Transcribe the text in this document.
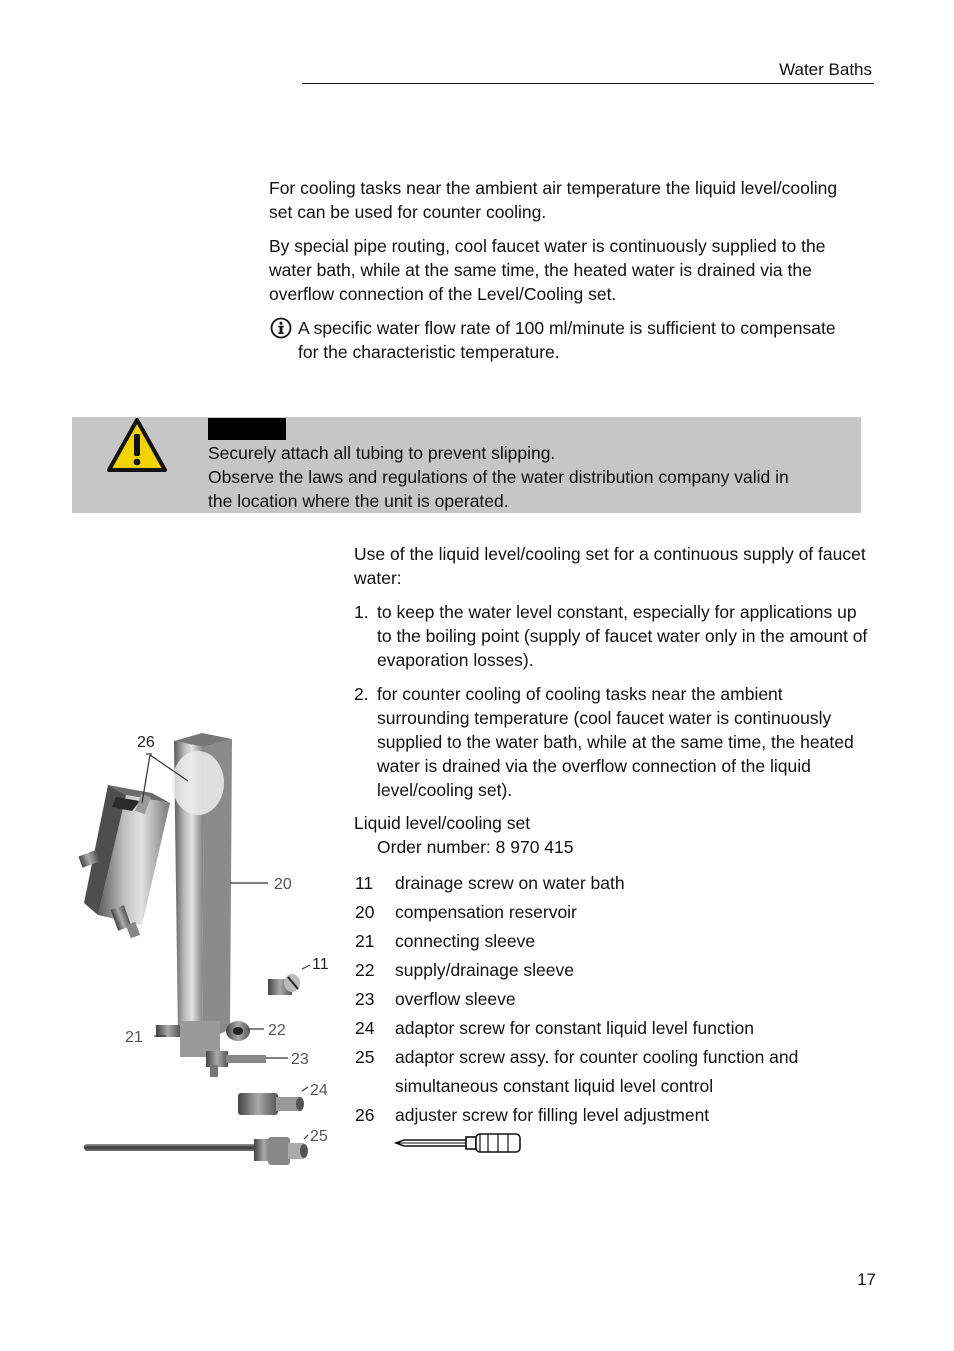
Water Baths

For cooling tasks near the ambient air temperature the liquid level/cooling set can be used for counter cooling.

By special pipe routing, cool faucet water is continuously supplied to the water bath, while at the same time, the heated water is drained via the overflow connection of the Level/Cooling set.

A specific water flow rate of 100 ml/minute is sufficient to compensate for the characteristic temperature.
Securely attach all tubing to prevent slipping.
Observe the laws and regulations of the water distribution company valid in
the location where the unit is operated.
Use of the liquid level/cooling set for a continuous supply of faucet water:
1. to keep the water level constant, especially for applications up to the boiling point (supply of faucet water only in the amount of evaporation losses).
2. for counter cooling of cooling tasks near the ambient surrounding temperature (cool faucet water is continuously supplied to the water bath, while at the same time, the heated water is drained via the overflow connection of the liquid level/cooling set).
Liquid level/cooling set
Order number: 8 970 415
11	drainage screw on water bath
20	compensation reservoir
21	connecting sleeve
22	supply/drainage sleeve
23	overflow sleeve
24	adaptor screw for constant liquid level function
25	adaptor screw assy. for counter cooling function and
simultaneous constant liquid level control
26	adjuster screw for filling level adjustment
26
20
11
21	22
23
24
25
17
